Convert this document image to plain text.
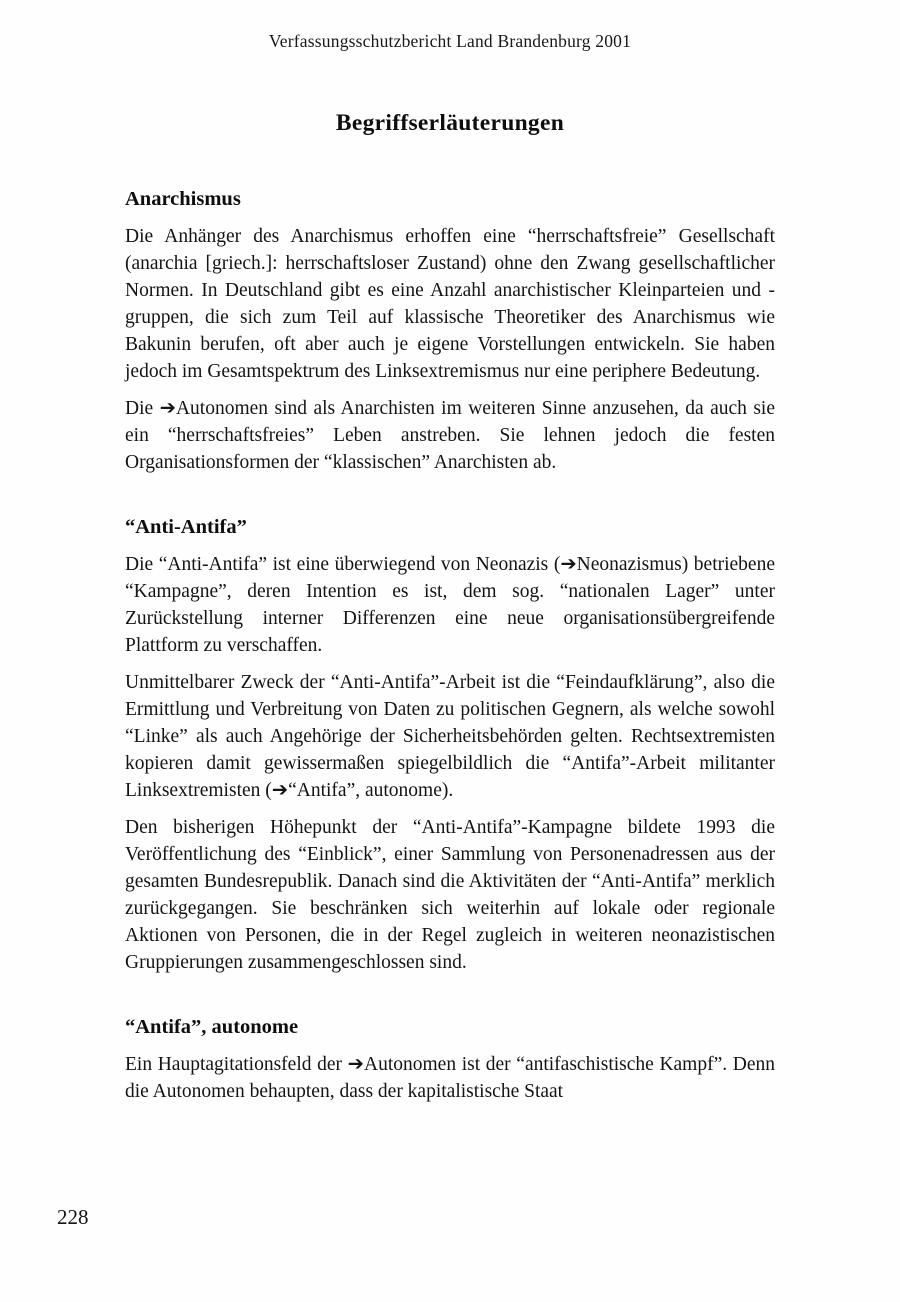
Verfassungsschutzbericht Land Brandenburg 2001
Begriffserläuterungen
Anarchismus

Die Anhänger des Anarchismus erhoffen eine “herrschaftsfreie” Gesellschaft (anarchia [griech.]: herrschaftsloser Zustand) ohne den Zwang gesellschaftlicher Normen. In Deutschland gibt es eine Anzahl anarchistischer Kleinparteien und -gruppen, die sich zum Teil auf klassische Theoretiker des Anarchismus wie Bakunin berufen, oft aber auch je eigene Vorstellungen entwickeln. Sie haben jedoch im Gesamtspektrum des Linksextremismus nur eine periphere Bedeutung.

Die ➔Autonomen sind als Anarchisten im weiteren Sinne anzusehen, da auch sie ein “herrschaftsfreies” Leben anstreben. Sie lehnen jedoch die festen Organisationsformen der “klassischen” Anarchisten ab.

“Anti-Antifa”

Die “Anti-Antifa” ist eine überwiegend von Neonazis (➔Neonazismus) betriebene “Kampagne”, deren Intention es ist, dem sog. “nationalen Lager” unter Zurückstellung interner Differenzen eine neue organisationsübergreifende Plattform zu verschaffen.

Unmittelbarer Zweck der “Anti-Antifa”-Arbeit ist die “Feindaufklärung”, also die Ermittlung und Verbreitung von Daten zu politischen Gegnern, als welche sowohl “Linke” als auch Angehörige der Sicherheitsbehörden gelten. Rechtsextremisten kopieren damit gewissermaßen spiegelbildlich die “Antifa”-Arbeit militanter Linksextremisten (➔“Antifa”, autonome).

Den bisherigen Höhepunkt der “Anti-Antifa”-Kampagne bildete 1993 die Veröffentlichung des “Einblick”, einer Sammlung von Personenadressen aus der gesamten Bundesrepublik. Danach sind die Aktivitäten der “Anti-Antifa” merklich zurückgegangen. Sie beschränken sich weiterhin auf lokale oder regionale Aktionen von Personen, die in der Regel zugleich in weiteren neonazistischen Gruppierungen zusammengeschlossen sind.

“Antifa”, autonome

Ein Hauptagitationsfeld der ➔Autonomen ist der “antifaschistische Kampf”. Denn die Autonomen behaupten, dass der kapitalistische Staat

228
